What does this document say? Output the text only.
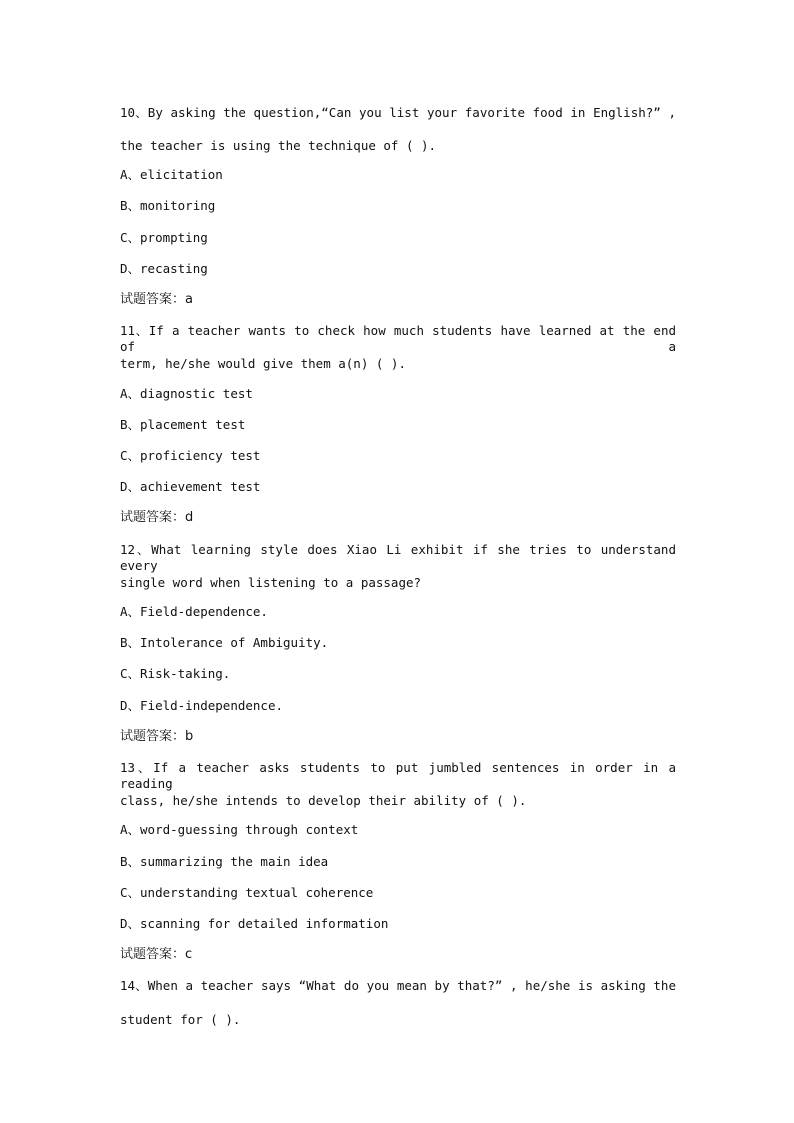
10、By asking the question,“Can you list your favorite food in English?” ,
the teacher is using the technique of ( ).
A、elicitation
B、monitoring
C、prompting
D、recasting
试题答案：a
11、If a teacher wants to check how much students have learned at the end of a
term, he/she would give them a(n) ( ).
A、diagnostic test
B、placement test
C、proficiency test
D、achievement test
试题答案：d
12、What learning style does Xiao Li exhibit if she tries to understand every
single word when listening to a passage?
A、Field-dependence.
B、Intolerance of Ambiguity.
C、Risk-taking.
D、Field-independence.
试题答案：b
13、If a teacher asks students to put jumbled sentences in order in a reading
class, he/she intends to develop their ability of ( ).
A、word-guessing through context
B、summarizing the main idea
C、understanding textual coherence
D、scanning for detailed information
试题答案：c
14、When a teacher says “What do you mean by that?” , he/she is asking the
student for ( ).
